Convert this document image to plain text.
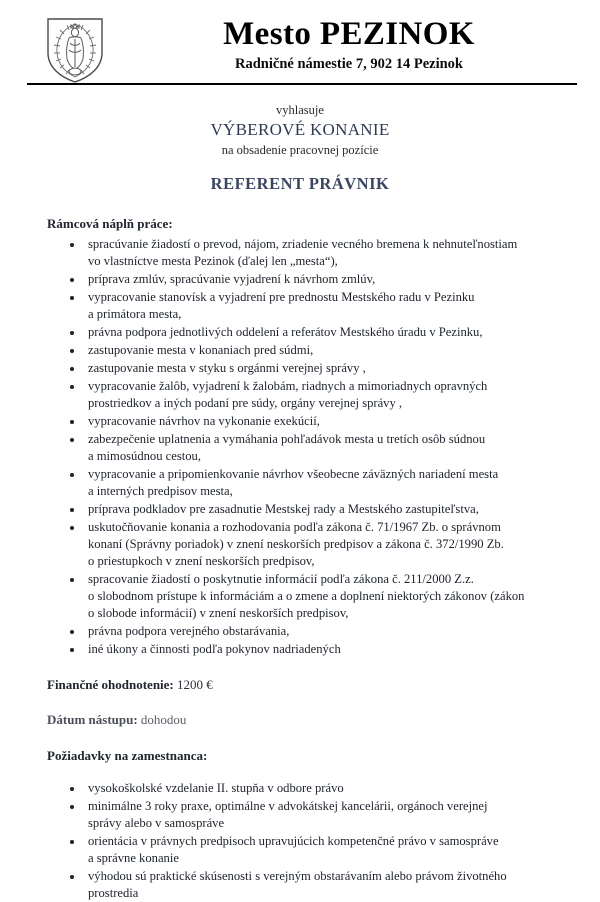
Mesto PEZINOK
Radničné námestie 7, 902 14 Pezinok
vyhlasuje
VÝBEROVÉ KONANIE
na obsadenie pracovnej pozície
REFERENT PRÁVNIK
Rámcová náplň práce:
spracúvanie žiadostí o prevod, nájom, zriadenie vecného bremena k nehnuteľnostiam
vo vlastníctve mesta Pezinok (ďalej len „mesta“),
príprava zmlúv, spracúvanie vyjadrení k návrhom zmlúv,
vypracovanie stanovísk a vyjadrení pre prednostu Mestského radu v Pezinku
a primátora mesta,
právna podpora jednotlivých oddelení a referátov Mestského úradu v Pezinku,
zastupovanie mesta v konaniach pred súdmi,
zastupovanie mesta v styku s orgánmi verejnej správy ,
vypracovanie žalôb, vyjadrení k žalobám, riadnych a mimoriadnych opravných
prostriedkov a iných podaní pre súdy, orgány verejnej správy ,
vypracovanie návrhov na vykonanie exekúcií,
zabezpečenie uplatnenia a vymáhania pohľadávok mesta u tretích osôb súdnou
a mimosúdnou cestou,
vypracovanie a pripomienkovanie návrhov všeobecne záväzných nariadení mesta
a interných predpisov mesta,
príprava podkladov pre zasadnutie Mestskej rady a Mestského zastupiteľstva,
uskutočňovanie konania a rozhodovania podľa zákona č. 71/1967 Zb. o správnom
konaní (Správny poriadok) v znení neskorších predpisov a zákona č. 372/1990 Zb.
o priestupkoch v znení neskorších predpisov,
spracovanie žiadostí o poskytnutie informácií podľa zákona č. 211/2000 Z.z.
o slobodnom prístupe k informáciám a o zmene a doplnení niektorých zákonov (zákon
o slobode informácií) v znení neskorších predpisov,
právna podpora verejného obstarávania,
iné úkony a činnosti podľa pokynov nadriadených
Finančné ohodnotenie: 1200 €
Dátum nástupu: dohodou
Požiadavky na zamestnanca:
vysokoškolské vzdelanie II. stupňa v odbore právo
minimálne 3 roky praxe, optimálne v advokátskej kancelárii, orgánoch verejnej
správy alebo v samospráve
orientácia v právnych predpisoch upravujúcich kompetenčné právo v samospráve
a správne konanie
výhodou sú praktické skúsenosti s verejným obstarávaním alebo právom životného
prostredia
